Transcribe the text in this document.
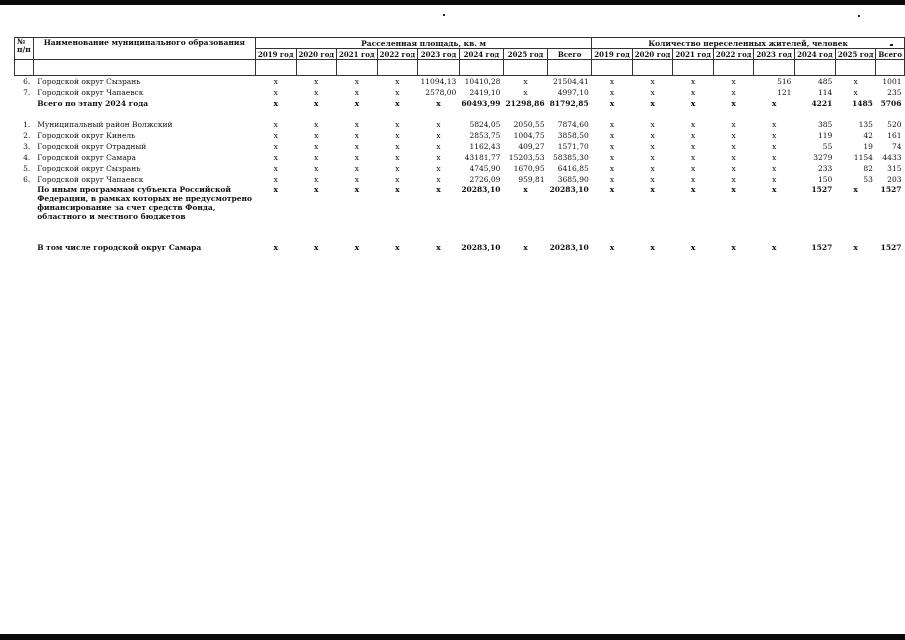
№
п/п	Наименование муниципального образования	Расселенная площадь, кв. м								Количество переселенных жителей, человек							
		2019 год	2020 год	2021 год	2022 год	2023 год	2024 год	2025 год	Всего	2019 год	2020 год	2021 год	2022 год	2023 год	2024 год	2025 год	Всего

6.	Городской округ Сызрань	х	х	х	х	11094,13	10410,28	х	21504,41	х	х	х	х	516	485	х	1001
7.	Городской округ Чапаевск	х	х	х	х	2578,00	2419,10	х	4997,10	х	х	х	х	121	114	х	235
	Всего по этапу 2024 года	х	х	х	х	х	60493,99	21298,86	81792,85	х	х	х	х	х	4221	1485	5706
1.	Муниципальный район Волжский	х	х	х	х	х	5824,05	2050,55	7874,60	х	х	х	х	х	385	135	520
2.	Городской округ Кинель	х	х	х	х	х	2853,75	1004,75	3858,50	х	х	х	х	х	119	42	161
3.	Городской округ Отрадный	х	х	х	х	х	1162,43	409,27	1571,70	х	х	х	х	х	55	19	74
4.	Городской округ Самара	х	х	х	х	х	43181,77	15203,53	58385,30	х	х	х	х	х	3279	1154	4433
5.	Городской округ Сызрань	х	х	х	х	х	4745,90	1670,95	6416,85	х	х	х	х	х	233	82	315
6.	Городской округ Чапаевск	х	х	х	х	х	2726,09	959,81	3685,90	х	х	х	х	х	150	53	203
	По иным программам субъекта Российской Федерации, в рамках которых не предусмотрено финансирование за счет средств Фонда, областного и местного бюджетов	х	х	х	х	х	20283,10	х	20283,10	х	х	х	х	х	1527	х	1527
	В том числе городской округ Самара	х	х	х	х	х	20283,10	х	20283,10	х	х	х	х	х	1527	х	1527
